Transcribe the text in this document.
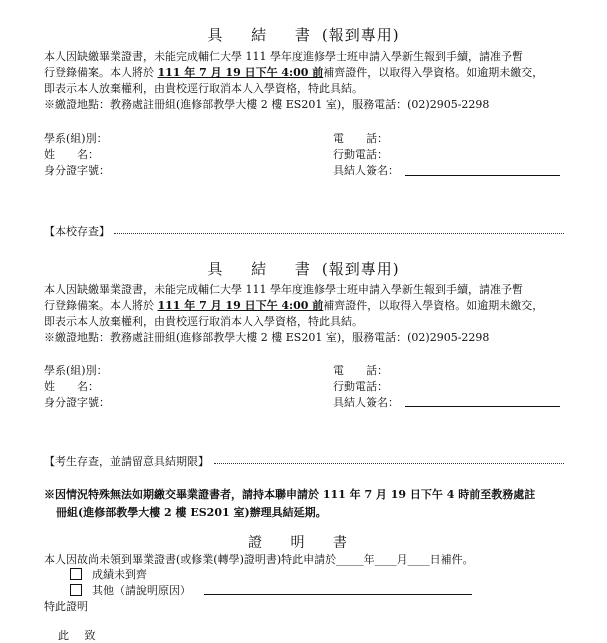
具 結 書(報到專用)
本人因缺繳畢業證書，未能完成輔仁大學 111 學年度進修學士班申請入學新生報到手續，請准予暫
行登錄備案。本人將於 111 年 7 月 19 日下午 4:00 前補齊證件，以取得入學資格。如逾期未繳交，
即表示本人放棄權利，由貴校逕行取消本人入學資格，特此具結。
※繳證地點：教務處註冊組(進修部教學大樓 2 樓 ES201 室)，服務電話：(02)2905-2298
學系(組)別：
姓　　名：
身分證字號：
電　　話：
行動電話：
具結人簽名：
【本校存查】
具 結 書(報到專用)
本人因缺繳畢業證書，未能完成輔仁大學 111 學年度進修學士班申請入學新生報到手續，請准予暫
行登錄備案。本人將於 111 年 7 月 19 日下午 4:00 前補齊證件，以取得入學資格。如逾期未繳交，
即表示本人放棄權利，由貴校逕行取消本人入學資格，特此具結。
※繳證地點：教務處註冊組(進修部教學大樓 2 樓 ES201 室)，服務電話：(02)2905-2298
學系(組)別：
姓　　名：
身分證字號：
電　　話：
行動電話：
具結人簽名：
【考生存查，並請留意具結期限】
※因情況特殊無法如期繳交畢業證書者，請持本聯申請於 111 年 7 月 19 日下午 4 時前至教務處註
冊組(進修部教學大樓 2 樓 ES201 室)辦理具結延期。
證 明 書
本人因故尚未領到畢業證書(或修業(轉學)證明書)特此申請於_____年____月____日補件。
成績未到齊
其他（請說明原因）
特此證明
此 致
